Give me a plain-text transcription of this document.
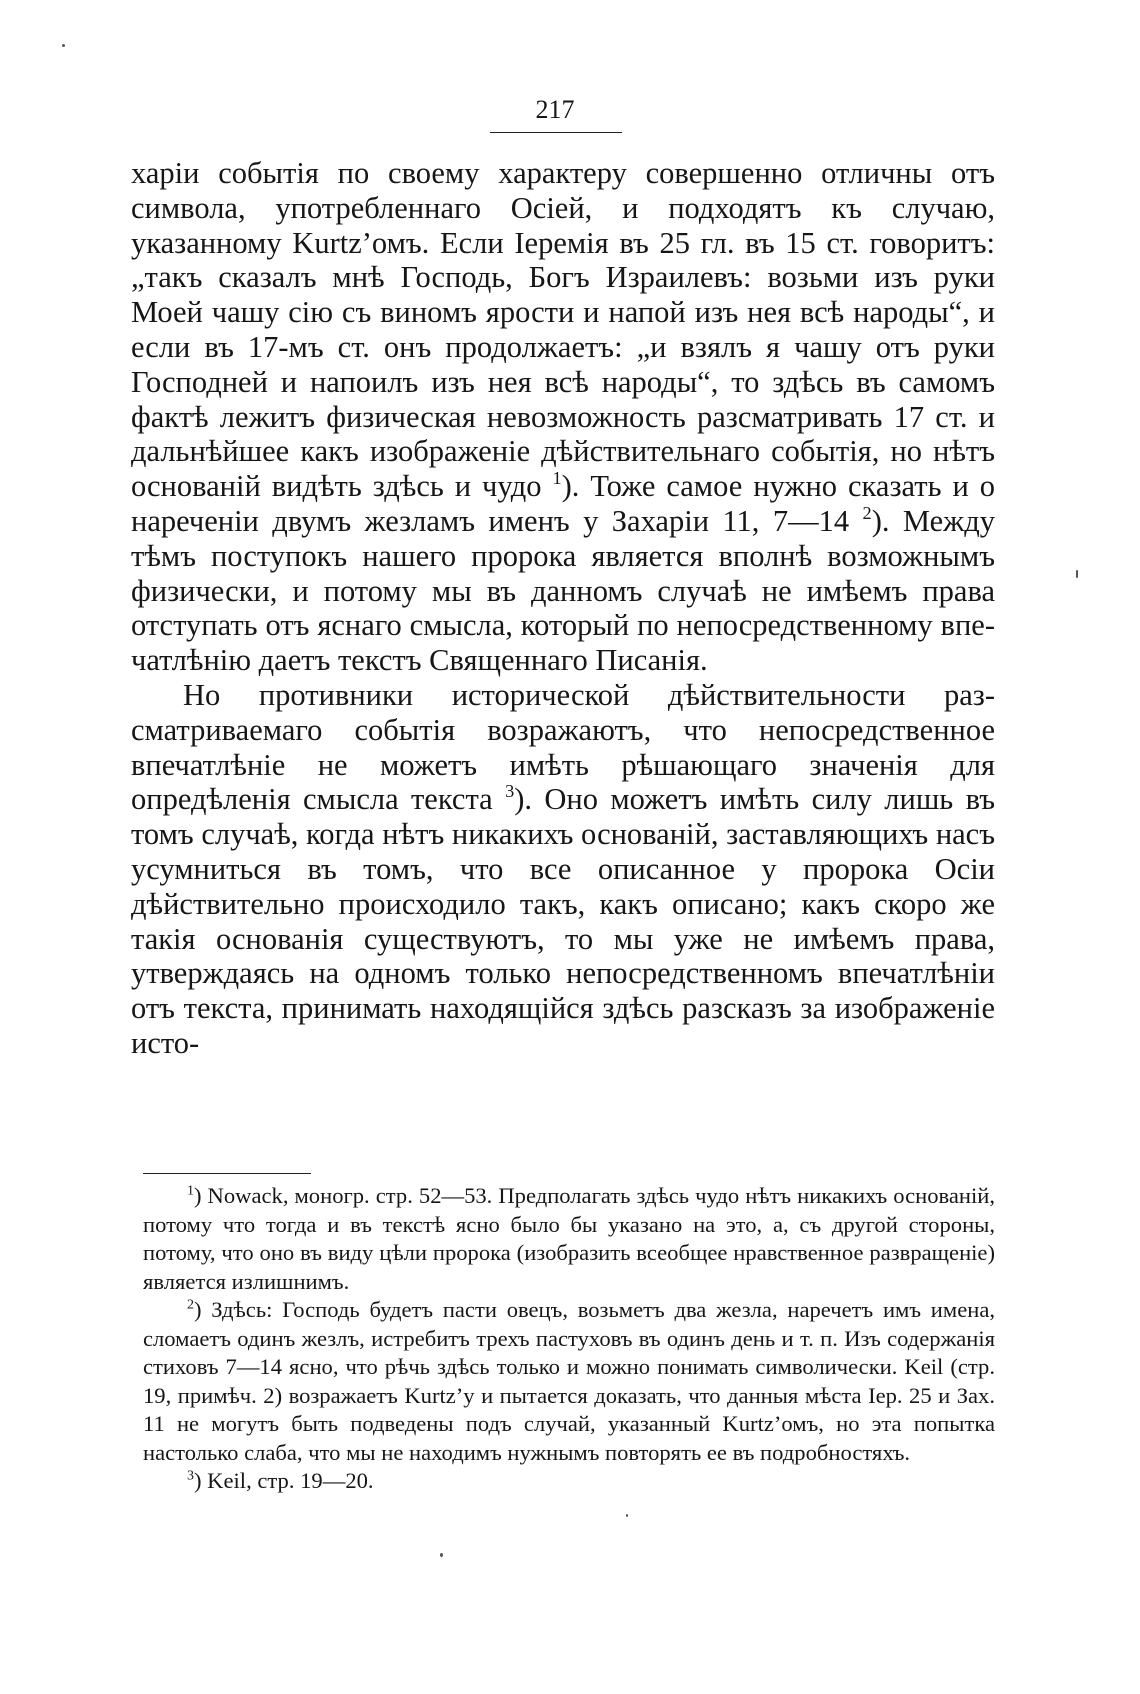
217

харіи событія по своему характеру совершенно отличны отъ символа, употребленнаго Осіей, и подходятъ къ случаю, указанному Kurtz’омъ. Если Іеремія въ 25 гл. въ 15 ст. говоритъ: „такъ сказалъ мнѣ Господь, Богъ Израилевъ: возьми изъ руки Моей чашу сію съ виномъ ярости и напой изъ нея всѣ народы“, и если въ 17-мъ ст. онъ продолжаетъ: „и взялъ я чашу отъ руки Господней и напоилъ изъ нея всѣ народы“, то здѣсь въ самомъ фактѣ лежитъ физическая невозможность разсматривать 17 ст. и дальнѣйшее какъ изображеніе дѣйствительнаго событія, но нѣтъ основаній видѣть здѣсь и чудо $^1$). Тоже самое нужно сказать и о нареченіи двумъ жезламъ именъ у Захаріи 11, 7—14 $^2$). Между тѣмъ поступокъ нашего пророка является вполнѣ возможнымъ физически, и потому мы въ данномъ случаѣ не имѣемъ права отступать отъ яснаго смысла, который по непосредственному впечатлѣнію даетъ текстъ Священнаго Писанія.

Но противники исторической дѣйствительности разсматриваемаго событія возражаютъ, что непосредственное впечатлѣніе не можетъ имѣть рѣшающаго значенія для опредѣленія смысла текста $^3$). Оно можетъ имѣть силу лишь въ томъ случаѣ, когда нѣтъ никакихъ основаній, заставляющихъ насъ усумниться въ томъ, что все описанное у пророка Осіи дѣйствительно происходило такъ, какъ описано; какъ скоро же такія основанія существуютъ, то мы уже не имѣемъ права, утверждаясь на одномъ только непосредственномъ впечатлѣніи отъ текста, принимать находящійся здѣсь разсказъ за изображеніе исто-

$^1$) Nowack, моногр. стр. 52—53. Предполагать здѣсь чудо нѣтъ никакихъ основаній, потому что тогда и въ текстѣ ясно было бы указано на это, а, съ другой стороны, потому, что оно въ виду цѣли пророка (изобразить всеобщее нравственное развращеніе) является излишнимъ.

$^2$) Здѣсь: Господь будетъ пасти овецъ, возьметъ два жезла, наречетъ имъ имена, сломаетъ одинъ жезлъ, истребитъ трехъ пастуховъ въ одинъ день и т. п. Изъ содержанія стиховъ 7—14 ясно, что рѣчь здѣсь только и можно понимать символически. Keil (стр. 19, примѣч. 2) возражаетъ Kurtz’у и пытается доказать, что данныя мѣста Іер. 25 и Зах. 11 не могутъ быть подведены подъ случай, указанный Kurtz’омъ, но эта попытка настолько слаба, что мы не находимъ нужнымъ повторять ее въ подробностяхъ.

$^3$) Keil, стр. 19—20.
